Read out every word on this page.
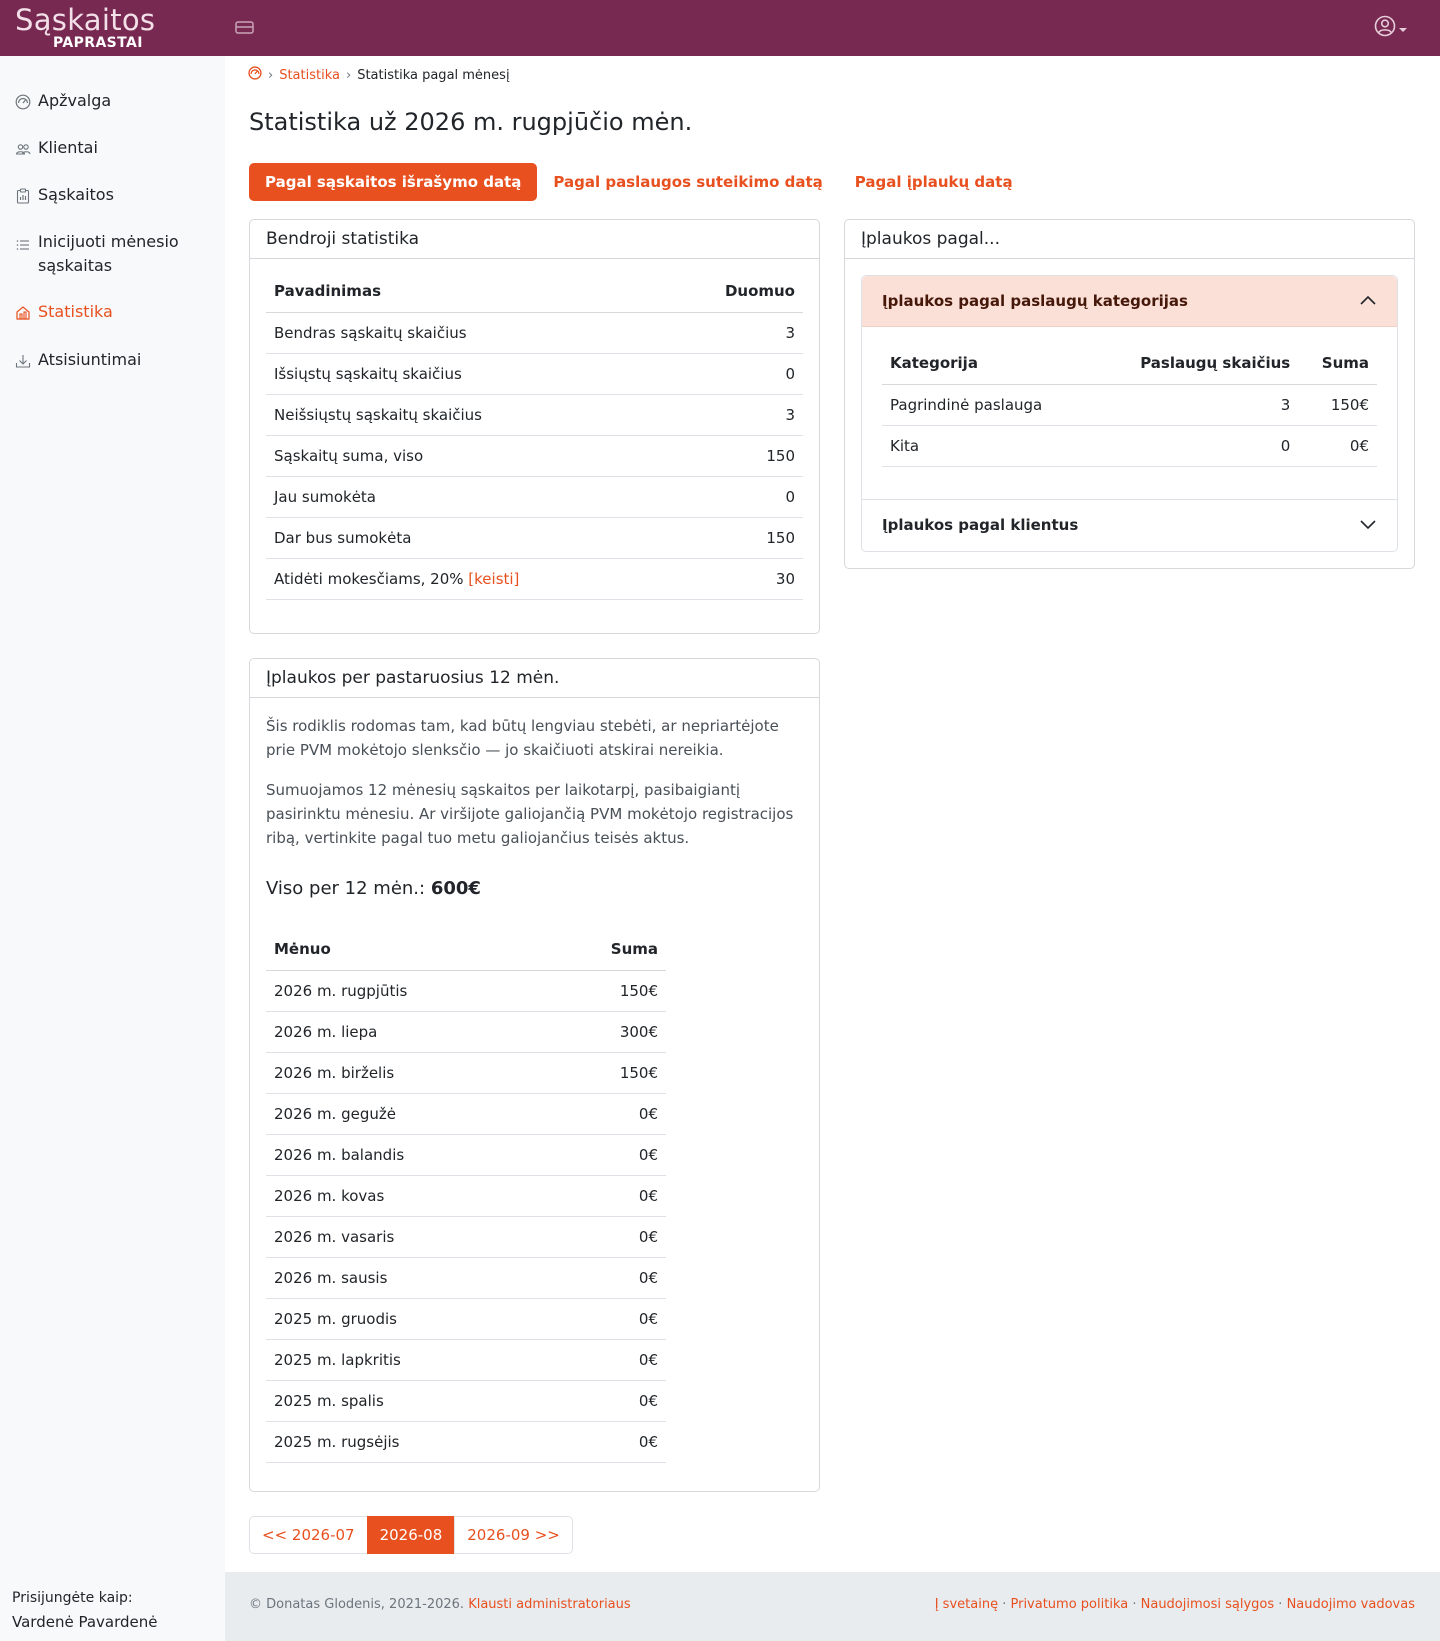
Sąskaitos
PAPRASTAI
Apžvalga
Klientai
Sąskaitos
Inicijuoti mėnesio sąskaitas
Statistika
Atsisiuntimai
› Statistika › Statistika pagal mėnesį
Statistika už 2026 m. rugpjūčio mėn.
Pagal sąskaitos išrašymo datą	Pagal paslaugos suteikimo datą	Pagal įplaukų datą
Bendroji statistika
Pavadinimas	Duomuo
Bendras sąskaitų skaičius	3
Išsiųstų sąskaitų skaičius	0
Neišsiųstų sąskaitų skaičius	3
Sąskaitų suma, viso	150
Jau sumokėta	0
Dar bus sumokėta	150
Atidėti mokesčiams, 20% [keisti]	30
Įplaukos per pastaruosius 12 mėn.

Šis rodiklis rodomas tam, kad būtų lengviau stebėti, ar nepriartėjote prie PVM mokėtojo slenksčio — jo skaičiuoti atskirai nereikia.

Sumuojamos 12 mėnesių sąskaitos per laikotarpį, pasibaigiantį pasirinktu mėnesiu. Ar viršijote galiojančią PVM mokėtojo registracijos ribą, vertinkite pagal tuo metu galiojančius teisės aktus.

Viso per 12 mėn.: 600€
Mėnuo	Suma
2026 m. rugpjūtis	150€
2026 m. liepa	300€
2026 m. birželis	150€
2026 m. gegužė	0€
2026 m. balandis	0€
2026 m. kovas	0€
2026 m. vasaris	0€
2026 m. sausis	0€
2025 m. gruodis	0€
2025 m. lapkritis	0€
2025 m. spalis	0€
2025 m. rugsėjis	0€
Įplaukos pagal...
Įplaukos pagal paslaugų kategorijas
Kategorija	Paslaugų skaičius	Suma
Pagrindinė paslauga	3	150€
Kita	0	0€
Įplaukos pagal klientus
<< 2026-07	2026-08	2026-09 >>
Prisijungėte kaip:
Vardenė Pavardenė
© Donatas Glodenis, 2021-2026. Klausti administratoriaus	Į svetainę · Privatumo politika · Naudojimosi sąlygos · Naudojimo vadovas
